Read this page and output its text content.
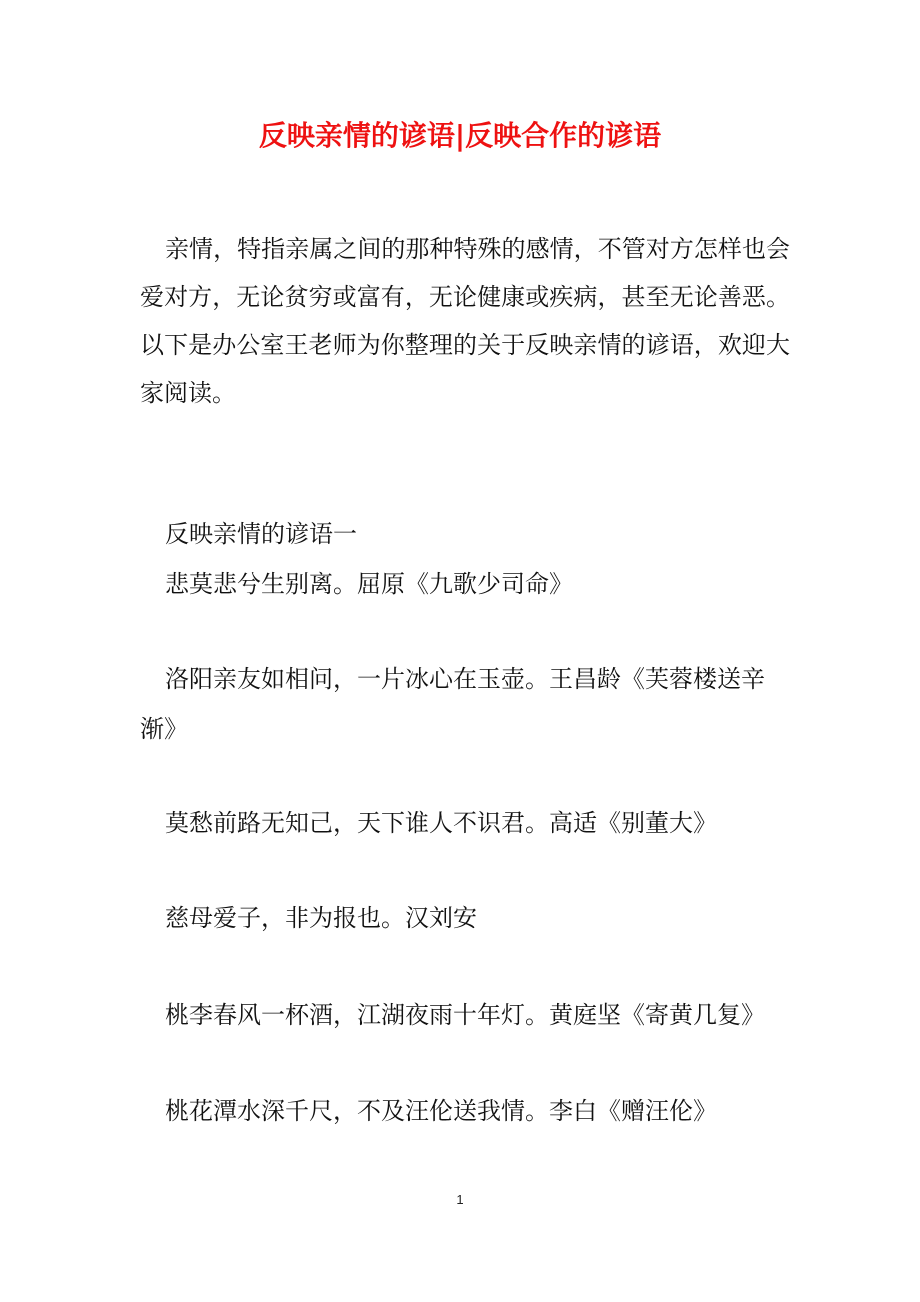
反映亲情的谚语|反映合作的谚语

亲情，特指亲属之间的那种特殊的感情，不管对方怎样也会爱对方，无论贫穷或富有，无论健康或疾病，甚至无论善恶。以下是办公室王老师为你整理的关于反映亲情的谚语，欢迎大家阅读。

反映亲情的谚语一

悲莫悲兮生别离。屈原《九歌少司命》

洛阳亲友如相问，一片冰心在玉壶。王昌龄《芙蓉楼送辛渐》

莫愁前路无知己，天下谁人不识君。高适《别董大》

慈母爱子，非为报也。汉刘安

桃李春风一杯酒，江湖夜雨十年灯。黄庭坚《寄黄几复》

桃花潭水深千尺，不及汪伦送我情。李白《赠汪伦》

1
